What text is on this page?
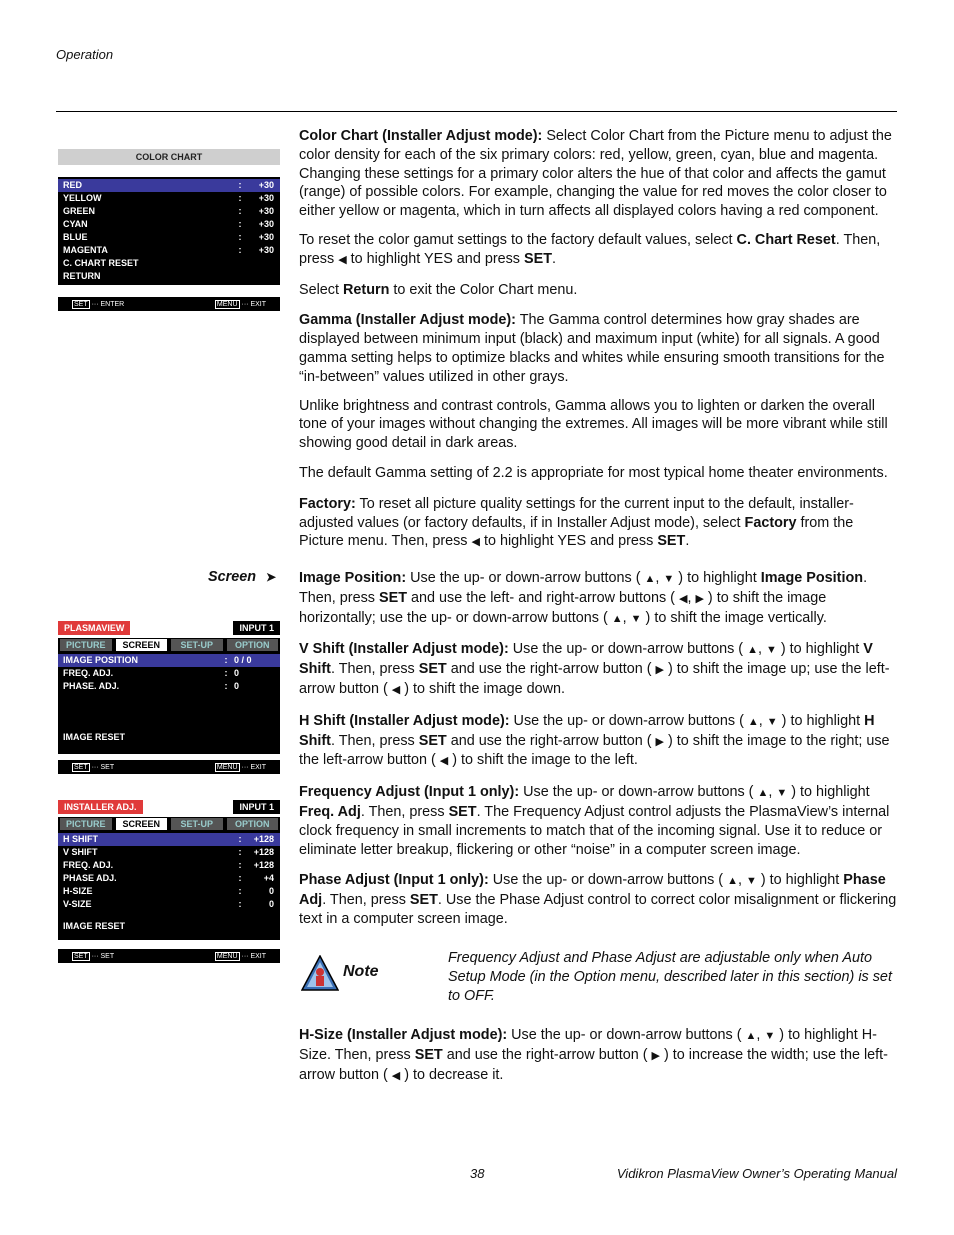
Operation
COLOR CHART
RED	:	+30
YELLOW	:	+30
GREEN	:	+30
CYAN	:	+30
BLUE	:	+30
MAGENTA	:	+30
C. CHART RESET
RETURN
SET ··· ENTER	MENU ··· EXIT
PLASMAVIEW	INPUT 1
PICTURE	SCREEN	SET-UP	OPTION
IMAGE POSITION	: 0 / 0
FREQ. ADJ.	: 0
PHASE. ADJ.	: 0
IMAGE RESET
SET ··· SET	MENU ··· EXIT
INSTALLER ADJ.	INPUT 1
PICTURE	SCREEN	SET-UP	OPTION
H SHIFT	:	+128
V SHIFT	:	+128
FREQ. ADJ.	:	+128
PHASE ADJ.	:	+4
H-SIZE	:	0
V-SIZE	:	0
IMAGE RESET
SET ··· SET	MENU ··· EXIT

Color Chart (Installer Adjust mode): Select Color Chart from the Picture menu to adjust the color density for each of the six primary colors: red, yellow, green, cyan, blue and magenta. Changing these settings for a primary color alters the hue of that color and affects the gamut (range) of possible colors. For example, changing the value for red moves the color closer to either yellow or magenta, which in turn affects all displayed colors having a red component.

To reset the color gamut settings to the factory default values, select C. Chart Reset. Then, press ◀ to highlight YES and press SET.

Select Return to exit the Color Chart menu.

Gamma (Installer Adjust mode): The Gamma control determines how gray shades are displayed between minimum input (black) and maximum input (white) for all signals. A good gamma setting helps to optimize blacks and whites while ensuring smooth transitions for the “in-between” values utilized in other grays.

Unlike brightness and contrast controls, Gamma allows you to lighten or darken the overall tone of your images without changing the extremes. All images will be more vibrant while still showing good detail in dark areas.

The default Gamma setting of 2.2 is appropriate for most typical home theater environments.

Factory: To reset all picture quality settings for the current input to the default, installer-adjusted values (or factory defaults, if in Installer Adjust mode), select Factory from the Picture menu. Then, press ◀ to highlight YES and press SET.

Screen ➤ Image Position: Use the up- or down-arrow buttons ( ▲, ▼ ) to highlight Image Position. Then, press SET and use the left- and right-arrow buttons ( ◀, ▶ ) to shift the image horizontally; use the up- or down-arrow buttons ( ▲, ▼ ) to shift the image vertically.

V Shift (Installer Adjust mode): Use the up- or down-arrow buttons ( ▲, ▼ ) to highlight V Shift. Then, press SET and use the right-arrow button ( ▶ ) to shift the image up; use the left-arrow button ( ◀ ) to shift the image down.

H Shift (Installer Adjust mode): Use the up- or down-arrow buttons ( ▲, ▼ ) to highlight H Shift. Then, press SET and use the right-arrow button ( ▶ ) to shift the image to the right; use the left-arrow button ( ◀ ) to shift the image to the left.

Frequency Adjust (Input 1 only): Use the up- or down-arrow buttons ( ▲, ▼ ) to highlight Freq. Adj. Then, press SET. The Frequency Adjust control adjusts the PlasmaView’s internal clock frequency in small increments to match that of the incoming signal. Use it to reduce or eliminate letter breakup, flickering or other “noise” in a computer screen image.

Phase Adjust (Input 1 only): Use the up- or down-arrow buttons ( ▲, ▼ ) to highlight Phase Adj. Then, press SET. Use the Phase Adjust control to correct color misalignment or flickering text in a computer screen image.

Note
Frequency Adjust and Phase Adjust are adjustable only when Auto Setup Mode (in the Option menu, described later in this section) is set to OFF.

H-Size (Installer Adjust mode): Use the up- or down-arrow buttons ( ▲, ▼ ) to highlight H-Size. Then, press SET and use the right-arrow button ( ▶ ) to increase the width; use the left-arrow button ( ◀ ) to decrease it.

38	Vidikron PlasmaView Owner’s Operating Manual
